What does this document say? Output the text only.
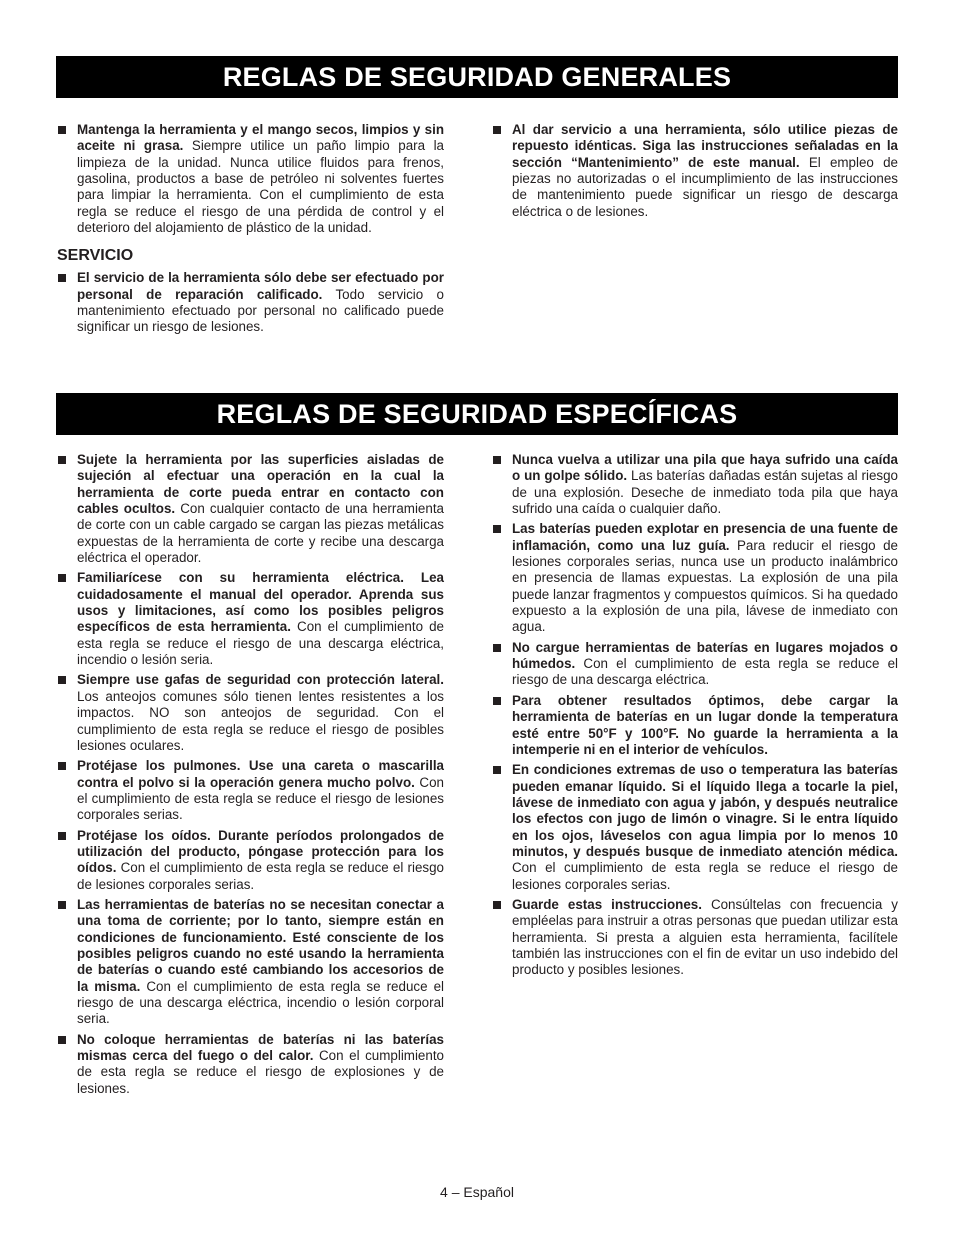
REGLAS DE SEGURIDAD GENERALES
Mantenga la herramienta y el mango secos, limpios y sin aceite ni grasa. Siempre utilice un paño limpio para la limpieza de la unidad. Nunca utilice fluidos para frenos, gasolina, productos a base de petróleo ni solventes fuertes para limpiar la herramienta. Con el cumplimiento de esta regla se reduce el riesgo de una pérdida de control y el deterioro del alojamiento de plástico de la unidad.
SERVICIO
El servicio de la herramienta sólo debe ser efectuado por personal de reparación calificado. Todo servicio o mantenimiento efectuado por personal no calificado puede significar un riesgo de lesiones.
Al dar servicio a una herramienta, sólo utilice piezas de repuesto idénticas. Siga las instrucciones señaladas en la sección “Mantenimiento” de este manual. El empleo de piezas no autorizadas o el incumplimiento de las instrucciones de mantenimiento puede significar un riesgo de descarga eléctrica o de lesiones.
REGLAS DE SEGURIDAD ESPECÍFICAS
Sujete la herramienta por las superficies aisladas de sujeción al efectuar una operación en la cual la herramienta de corte pueda entrar en contacto con cables ocultos. Con cualquier contacto de una herramienta de corte con un cable cargado se cargan las piezas metálicas expuestas de la herramienta de corte y recibe una descarga eléctrica el operador.
Familiarícese con su herramienta eléctrica. Lea cuidadosamente el manual del operador. Aprenda sus usos y limitaciones, así como los posibles peligros específicos de esta herramienta. Con el cumplimiento de esta regla se reduce el riesgo de una descarga eléctrica, incendio o lesión seria.
Siempre use gafas de seguridad con protección lateral. Los anteojos comunes sólo tienen lentes resistentes a los impactos. NO son anteojos de seguridad. Con el cumplimiento de esta regla se reduce el riesgo de posibles lesiones oculares.
Protéjase los pulmones. Use una careta o mascarilla contra el polvo si la operación genera mucho polvo. Con el cumplimiento de esta regla se reduce el riesgo de lesiones corporales serias.
Protéjase los oídos. Durante períodos prolongados de utilización del producto, póngase protección para los oídos. Con el cumplimiento de esta regla se reduce el riesgo de lesiones corporales serias.
Las herramientas de baterías no se necesitan conectar a una toma de corriente; por lo tanto, siempre están en condiciones de funcionamiento. Esté consciente de los posibles peligros cuando no esté usando la herramienta de baterías o cuando esté cambiando los accesorios de la misma. Con el cumplimiento de esta regla se reduce el riesgo de una descarga eléctrica, incendio o lesión corporal seria.
No coloque herramientas de baterías ni las baterías mismas cerca del fuego o del calor. Con el cumplimiento de esta regla se reduce el riesgo de explosiones y de lesiones.
Nunca vuelva a utilizar una pila que haya sufrido una caída o un golpe sólido. Las baterías dañadas están sujetas al riesgo de una explosión. Deseche de inmediato toda pila que haya sufrido una caída o cualquier daño.
Las baterías pueden explotar en presencia de una fuente de inflamación, como una luz guía. Para reducir el riesgo de lesiones corporales serias, nunca use un producto inalámbrico en presencia de llamas expuestas. La explosión de una pila puede lanzar fragmentos y compuestos químicos. Si ha quedado expuesto a la explosión de una pila, lávese de inmediato con agua.
No cargue herramientas de baterías en lugares mojados o húmedos. Con el cumplimiento de esta regla se reduce el riesgo de una descarga eléctrica.
Para obtener resultados óptimos, debe cargar la herramienta de baterías en un lugar donde la temperatura esté entre 50°F y 100°F. No guarde la herramienta a la intemperie ni en el interior de vehículos.
En condiciones extremas de uso o temperatura las baterías pueden emanar líquido. Si el líquido llega a tocarle la piel, lávese de inmediato con agua y jabón, y después neutralice los efectos con jugo de limón o vinagre. Si le entra líquido en los ojos, láveselos con agua limpia por lo menos 10 minutos, y después busque de inmediato atención médica. Con el cumplimiento de esta regla se reduce el riesgo de lesiones corporales serias.
Guarde estas instrucciones. Consúltelas con frecuencia y empléelas para instruir a otras personas que puedan utilizar esta herramienta. Si presta a alguien esta herramienta, facilítele también las instrucciones con el fin de evitar un uso indebido del producto y posibles lesiones.
4 – Español
